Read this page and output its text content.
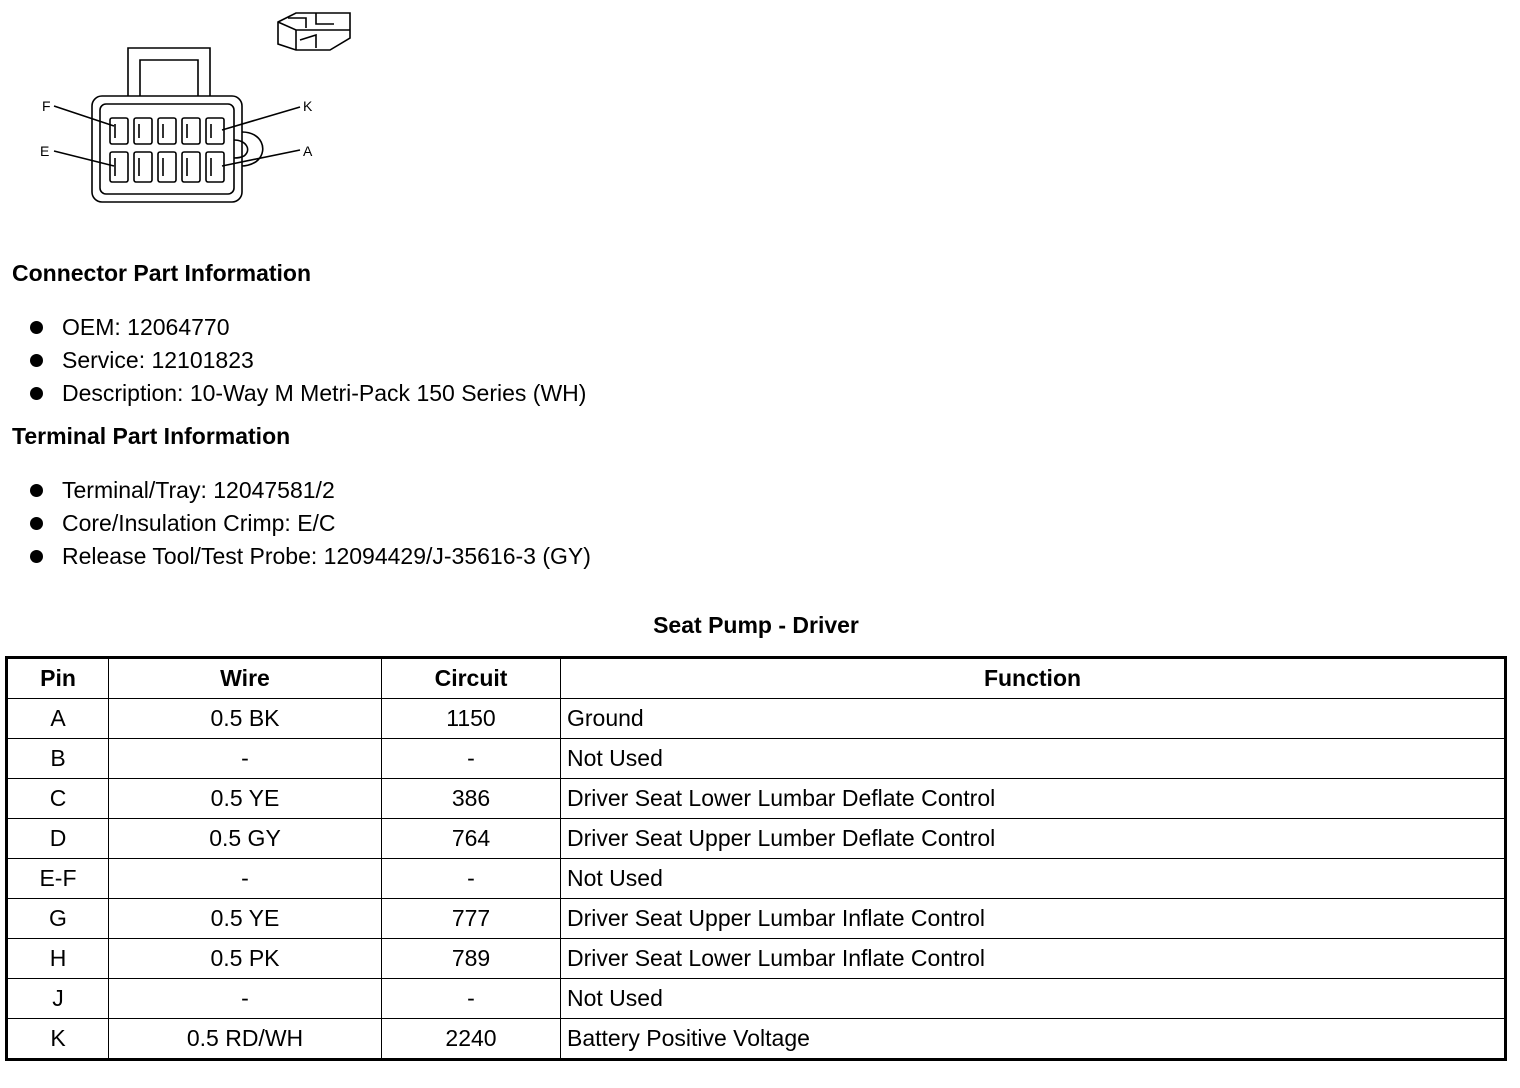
F	K
E	A
Connector Part Information
OEM: 12064770
Service: 12101823
Description: 10-Way M Metri-Pack 150 Series (WH)
Terminal Part Information
Terminal/Tray: 12047581/2
Core/Insulation Crimp: E/C
Release Tool/Test Probe: 12094429/J-35616-3 (GY)
Seat Pump - Driver
Pin	Wire	Circuit	Function
A	0.5 BK	1150	Ground
B	-	-	Not Used
C	0.5 YE	386	Driver Seat Lower Lumbar Deflate Control
D	0.5 GY	764	Driver Seat Upper Lumber Deflate Control
E-F	-	-	Not Used
G	0.5 YE	777	Driver Seat Upper Lumbar Inflate Control
H	0.5 PK	789	Driver Seat Lower Lumbar Inflate Control
J	-	-	Not Used
K	0.5 RD/WH	2240	Battery Positive Voltage
